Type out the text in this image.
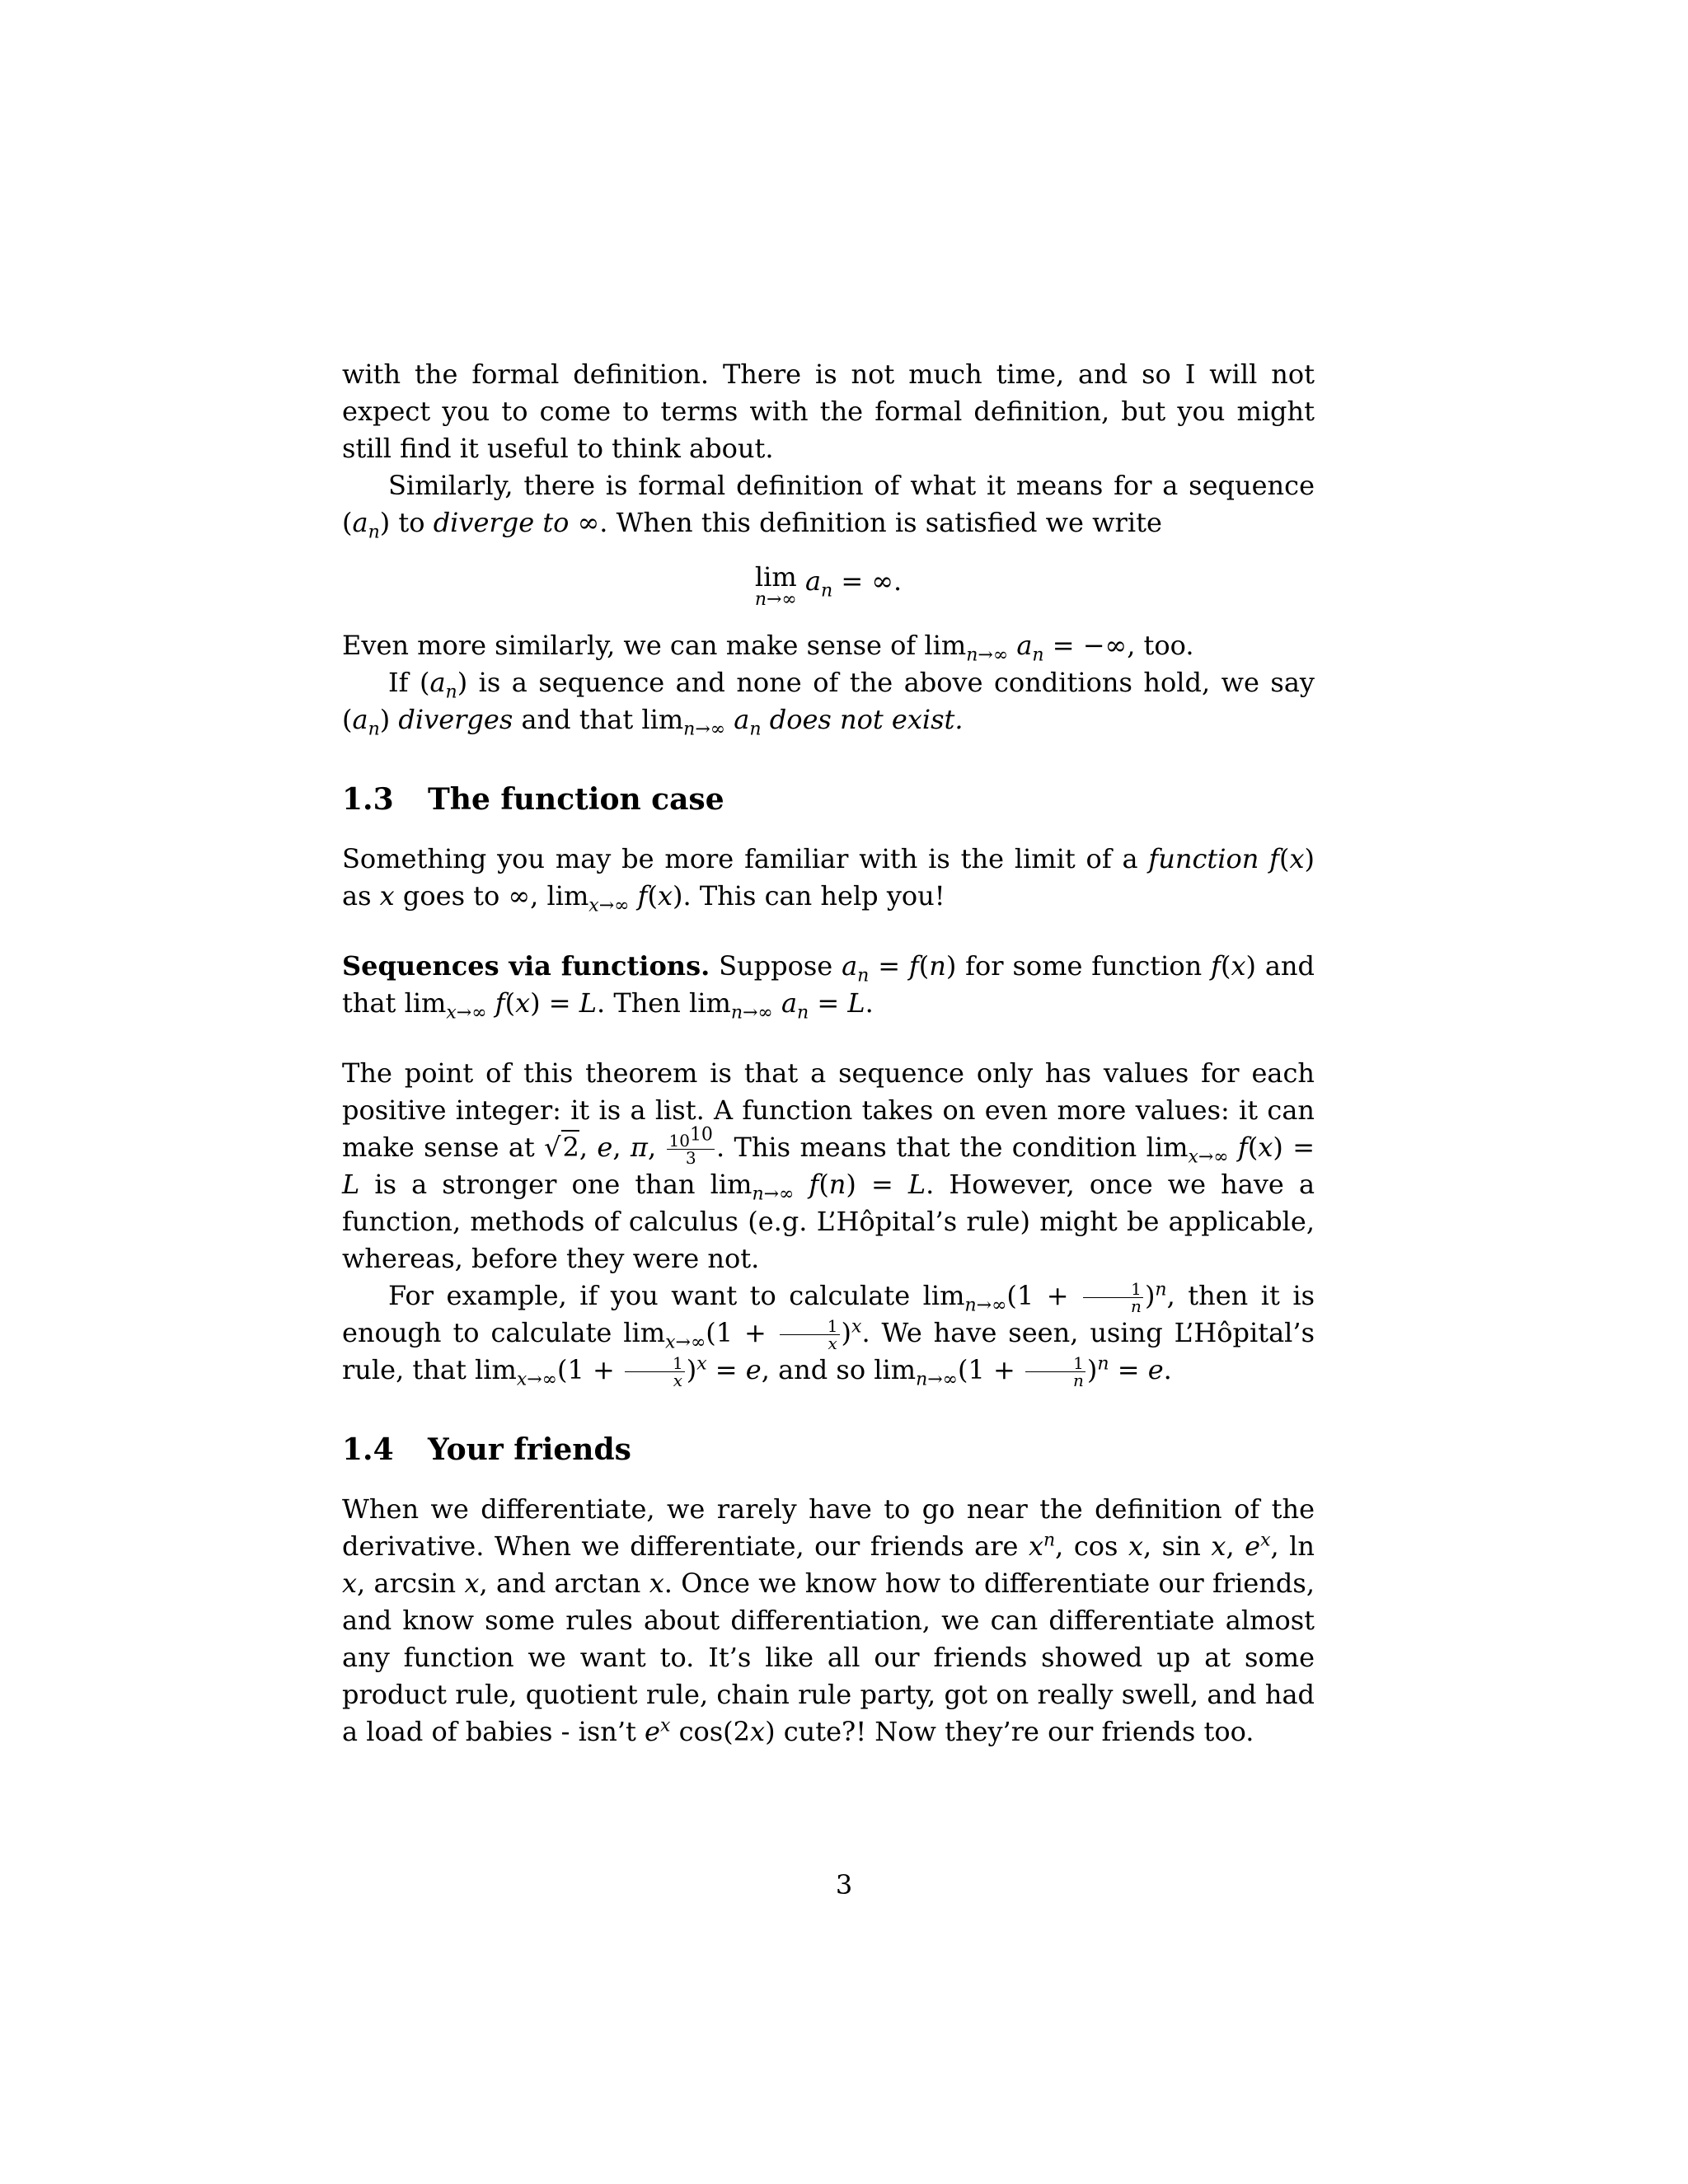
with the formal definition. There is not much time, and so I will not expect you to come to terms with the formal definition, but you might still find it useful to think about.

Similarly, there is formal definition of what it means for a sequence $(a_n)$ to diverge to ∞. When this definition is satisfied we write

lim
n→∞
$a_n$ = ∞.

Even more similarly, we can make sense of $\lim_{n\to\infty} a_n$ = −∞, too.

If $(a_n)$ is a sequence and none of the above conditions hold, we say $(a_n)$ diverges and that $\lim_{n\to\infty} a_n$ does not exist.

1.3 The function case

Something you may be more familiar with is the limit of a function f(x) as x goes to ∞, $\lim_{x\to\infty} f(x)$. This can help you!

Sequences via functions. Suppose $a_n = f(n)$ for some function f(x) and that $\lim_{x\to\infty} f(x) = L$. Then $\lim_{n\to\infty} a_n = L$.

The point of this theorem is that a sequence only has values for each positive integer: it is a list. A function takes on even more values: it can make sense at √2, e, π, $\frac{10^{10}}{3}$ . This means that the condition $\lim_{x\to\infty} f(x) = L$ is a stronger one than $\lim_{n\to\infty} f(n) = L$. However, once we have a function, methods of calculus (e.g. L’Hôpital’s rule) might be applicable, whereas, before they were not.

For example, if you want to calculate $\lim_{n\to\infty}(1 + \frac{1}{n} )^n$, then it is enough to calculate $\lim_{x\to\infty}(1 + \frac{1}{x} )^x$. We have seen, using L’Hôpital’s rule, that $\lim_{x\to\infty}(1 + \frac{1}{x} )^x = e$, and so $\lim_{n\to\infty}(1 + \frac{1}{n} )^n = e$.

1.4 Your friends

When we differentiate, we rarely have to go near the definition of the derivative. When we differentiate, our friends are $x^n$, cos x, sin x, $e^x$, ln x, arcsin x, and arctan x. Once we know how to differentiate our friends, and know some rules about differentiation, we can differentiate almost any function we want to. It’s like all our friends showed up at some product rule, quotient rule, chain rule party, got on really swell, and had a load of babies - isn’t $e^x$ cos(2x) cute?! Now they’re our friends too.

3
